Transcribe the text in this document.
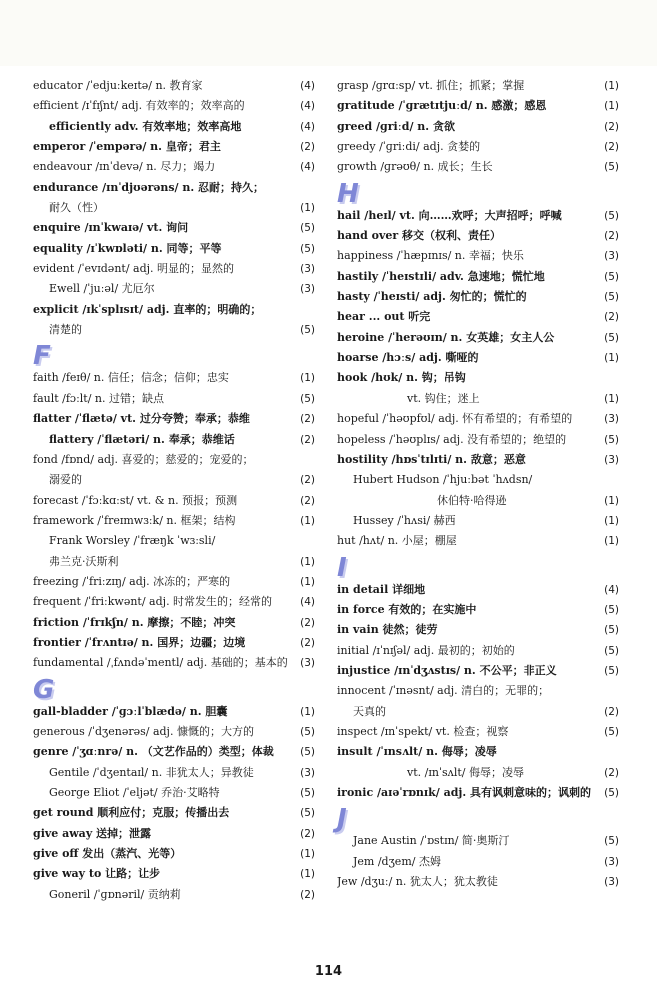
educator /ˈedjuːkeɪtə/ n. 教育家	(4)
efficient /ɪˈfɪʃnt/ adj. 有效率的；效率高的	(4)
efficiently adv. 有效率地；效率高地	(4)
emperor /ˈempərə/ n. 皇帝；君主	(2)
endeavour /ɪnˈdevə/ n. 尽力；竭力	(4)
endurance /ɪnˈdjʊərəns/ n. 忍耐；持久；
耐久（性）	(1)
enquire /ɪnˈkwaɪə/ vt. 询问	(5)
equality /ɪˈkwɒləti/ n. 同等；平等	(5)
evident /ˈevɪdənt/ adj. 明显的；显然的	(3)
Ewell /ˈjuːəl/ 尤厄尔	(3)
explicit /ɪkˈsplɪsɪt/ adj. 直率的；明确的；
清楚的	(5)
F
faith /feɪθ/ n. 信任；信念；信仰；忠实	(1)
fault /fɔːlt/ n. 过错；缺点	(5)
flatter /ˈflætə/ vt. 过分夸赞；奉承；恭维	(2)
flattery /ˈflætəri/ n. 奉承；恭维话	(2)
fond /fɒnd/ adj. 喜爱的；慈爱的；宠爱的；
溺爱的	(2)
forecast /ˈfɔːkɑːst/ vt. & n. 预报；预测	(2)
framework /ˈfreɪmwɜːk/ n. 框架；结构	(1)
Frank Worsley /ˈfræŋk ˈwɜːsli/
弗兰克·沃斯利	(1)
freezing /ˈfriːzɪŋ/ adj. 冰冻的；严寒的	(1)
frequent /ˈfriːkwənt/ adj. 时常发生的；经常的	(4)
friction /ˈfrɪkʃn/ n. 摩擦；不睦；冲突	(2)
frontier /ˈfrʌntɪə/ n. 国界；边疆；边境	(2)
fundamental /ˌfʌndəˈmentl/ adj. 基础的；基本的 (3)
G
gall-bladder /ˈɡɔːlˈblædə/ n. 胆囊	(1)
generous /ˈdʒenərəs/ adj. 慷慨的；大方的	(5)
genre /ˈʒɑːnrə/ n. （文艺作品的）类型；体裁	(5)
Gentile /ˈdʒentaɪl/ n. 非犹太人；异教徒	(3)
George Eliot /ˈeljət/ 乔治·艾略特	(5)
get round 顺利应付；克服；传播出去	(5)
give away 送掉；泄露	(2)
give off 发出（蒸汽、光等）	(1)
give way to 让路；让步	(1)
Goneril /ˈɡɒnəril/ 贡纳莉	(2)
grasp /ɡrɑːsp/ vt. 抓住；抓紧；掌握	(1)
gratitude /ˈɡrætɪtjuːd/ n. 感激；感恩	(1)
greed /ɡriːd/ n. 贪欲	(2)
greedy /ˈɡriːdi/ adj. 贪婪的	(2)
growth /ɡrəʊθ/ n. 成长；生长	(5)
H
hail /heɪl/ vt. 向……欢呼；大声招呼；呼喊	(5)
hand over 移交（权利、责任）	(2)
happiness /ˈhæpɪnɪs/ n. 幸福；快乐	(3)
hastily /ˈheɪstɪli/ adv. 急速地；慌忙地	(5)
hasty /ˈheɪsti/ adj. 匆忙的；慌忙的	(5)
hear ... out 听完	(2)
heroine /ˈherəʊɪn/ n. 女英雄；女主人公	(5)
hoarse /hɔːs/ adj. 嘶哑的	(1)
hook /hʊk/ n. 钩；吊钩
vt. 钩住；迷上	(1)
hopeful /ˈhəʊpfʊl/ adj. 怀有希望的；有希望的	(3)
hopeless /ˈhəʊplɪs/ adj. 没有希望的；绝望的	(5)
hostility /hɒsˈtɪlɪti/ n. 敌意；恶意	(3)
Hubert Hudson /ˈhjuːbət ˈhʌdsn/
休伯特·哈得逊	(1)
Hussey /ˈhʌsi/ 赫西	(1)
hut /hʌt/ n. 小屋；棚屋	(1)
I
in detail 详细地	(4)
in force 有效的；在实施中	(5)
in vain 徒然；徒劳	(5)
initial /ɪˈnɪʃəl/ adj. 最初的；初始的	(5)
injustice /ɪnˈdʒʌstɪs/ n. 不公平；非正义	(5)
innocent /ˈɪnəsnt/ adj. 清白的；无罪的；
天真的	(2)
inspect /ɪnˈspekt/ vt. 检查；视察	(5)
insult /ˈɪnsʌlt/ n. 侮辱；凌辱
vt. /ɪnˈsʌlt/ 侮辱；凌辱	(2)
ironic /aɪəˈrɒnɪk/ adj. 具有讽刺意味的；讽刺的 (5)
J
Jane Austin /ˈɒstɪn/ 简·奥斯汀	(5)
Jem /dʒem/ 杰姆	(3)
Jew /dʒuː/ n. 犹太人；犹太教徒	(3)
114
